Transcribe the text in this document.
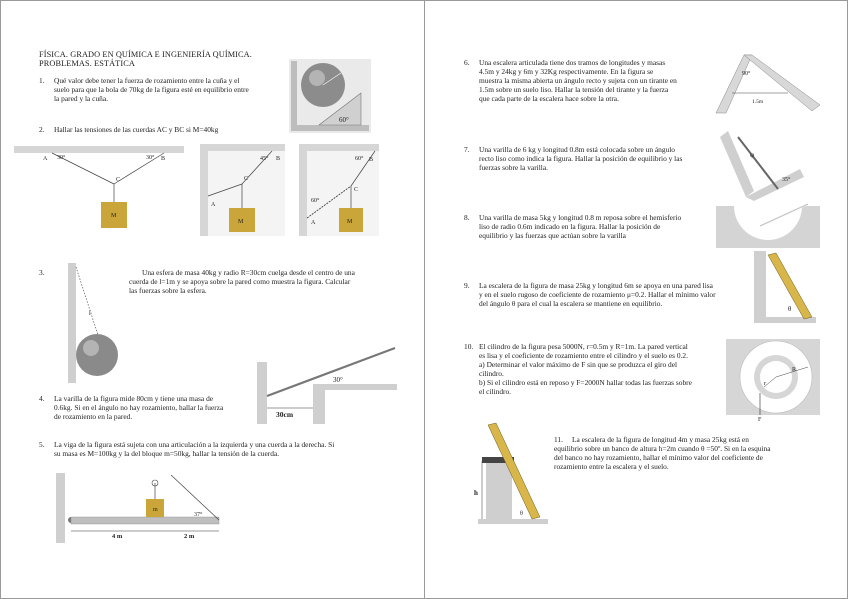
FÍSICA. GRADO EN QUÍMICA E INGENIERÍA QUÍMICA.
PROBLEMAS. ESTÁTICA
1. Qué valor debe tener la fuerza de rozamiento entre la cuña y el
suelo para que la bola de 70kg de la figura esté en equilibrio entre
la pared y la cuña.
60°
2. Hallar las tensiones de las cuerdas AC y BC si M=40kg
A 30°	30° B
C
M
45° B
C
A
M
60° B
C
60°
A	M
3.	Una esfera de masa 40kg y radio R=30cm cuelga desde el centro de una
cuerda de l=1m y se apoya sobre la pared como muestra la figura. Calcular
las fuerzas sobre la esfera.
l
4. La varilla de la figura mide 80cm y tiene una masa de
0.6kg. Si en el ángulo no hay rozamiento, hallar la fuerza
de rozamiento en la pared.
30°
30cm
5. La viga de la figura está sujeta con una articulación a la izquierda y una cuerda a la derecha. Si
su masa es M=100kg y la del bloque m=50kg, hallar la tensión de la cuerda.
m
37°
4 m	2 m
6. Una escalera articulada tiene dos tramos de longitudes y masas
4.5m y 24kg y 6m y 32Kg respectivamente. En la figura se
muestra la misma abierta un ángulo recto y sujeta con un tirante en
1.5m sobre un suelo liso. Hallar la tensión del tirante y la fuerza
que cada parte de la escalera hace sobre la otra.
90°
1.5m
7. Una varilla de 6 kg y longitud 0.8m está colocada sobre un ángulo
recto liso como indica la figura. Hallar la posición de equilibrio y las
fuerzas sobre la varilla.
φ
35°
8. Una varilla de masa 5kg y longitud 0.8 m reposa sobre el hemisferio
liso de radio 0.6m indicado en la figura. Hallar la posición de
equilibrio y las fuerzas que actúan sobre la varilla
9. La escalera de la figura de masa 25kg y longitud 6m se apoya en una pared lisa
y en el suelo rugoso de coeficiente de rozamiento μ=0.2. Hallar el mínimo valor
del ángulo θ para el cual la escalera se mantiene en equilibrio.
θ
10. El cilindro de la figura pesa 5000N, r=0.5m y R=1m. La pared vertical
es lisa y el coeficiente de rozamiento entre el cilindro y el suelo es 0.2.
a) Determinar el valor máximo de F sin que se produzca el giro del
cilindro.
b) Si el cilindro está en reposo y F=2000N hallar todas las fuerzas sobre
el cilindro.
r
R
F
11. La escalera de la figura de longitud 4m y masa 25kg está en
equilibrio sobre un banco de altura h=2m cuando θ =50º. Si en la esquina
del banco no hay rozamiento, hallar el mínimo valor del coeficiente de
rozamiento entre la escalera y el suelo.
h
θ
